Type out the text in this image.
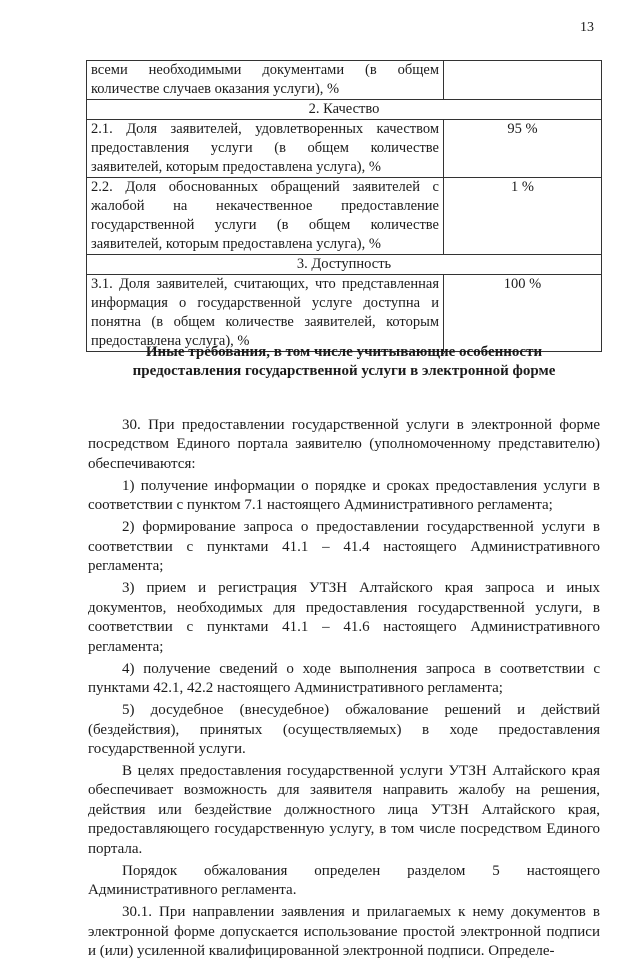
13
всеми необходимыми документами (в общем количестве случаев оказания услуги), %	
2. Качество	
2.1. Доля заявителей, удовлетворенных качеством предоставления услуги (в общем количестве заявителей, которым предоставлена услуга), %	95 %
2.2. Доля обоснованных обращений заявителей с жалобой на некачественное предоставление государственной услуги (в общем количестве заявителей, которым предоставлена услуга), %	1 %
3. Доступность	
3.1. Доля заявителей, считающих, что представленная информация о государственной услуге доступна и понятна (в общем количестве заявителей, которым предоставлена услуга), %	100 %
Иные требования, в том числе учитывающие особенности
предоставления государственной услуги в электронной форме

30. При предоставлении государственной услуги в электронной форме посредством Единого портала заявителю (уполномоченному представителю) обеспечиваются:

1) получение информации о порядке и сроках предоставления услуги в соответствии с пунктом 7.1 настоящего Административного регламента;

2) формирование запроса о предоставлении государственной услуги в соответствии с пунктами 41.1 – 41.4 настоящего Административного регламента;

3) прием и регистрация УТЗН Алтайского края запроса и иных документов, необходимых для предоставления государственной услуги, в соответствии с пунктами 41.1 – 41.6 настоящего Административного регламента;

4) получение сведений о ходе выполнения запроса в соответствии с пунктами 42.1, 42.2 настоящего Административного регламента;

5) досудебное (внесудебное) обжалование решений и действий (бездействия), принятых (осуществляемых) в ходе предоставления государственной услуги.

В целях предоставления государственной услуги УТЗН Алтайского края обеспечивает возможность для заявителя направить жалобу на решения, действия или бездействие должностного лица УТЗН Алтайского края, предоставляющего государственную услугу, в том числе посредством Единого портала.

Порядок обжалования определен разделом 5 настоящего Административного регламента.

30.1. При направлении заявления и прилагаемых к нему документов в электронной форме допускается использование простой электронной подписи и (или) усиленной квалифицированной электронной подписи. Определе-
